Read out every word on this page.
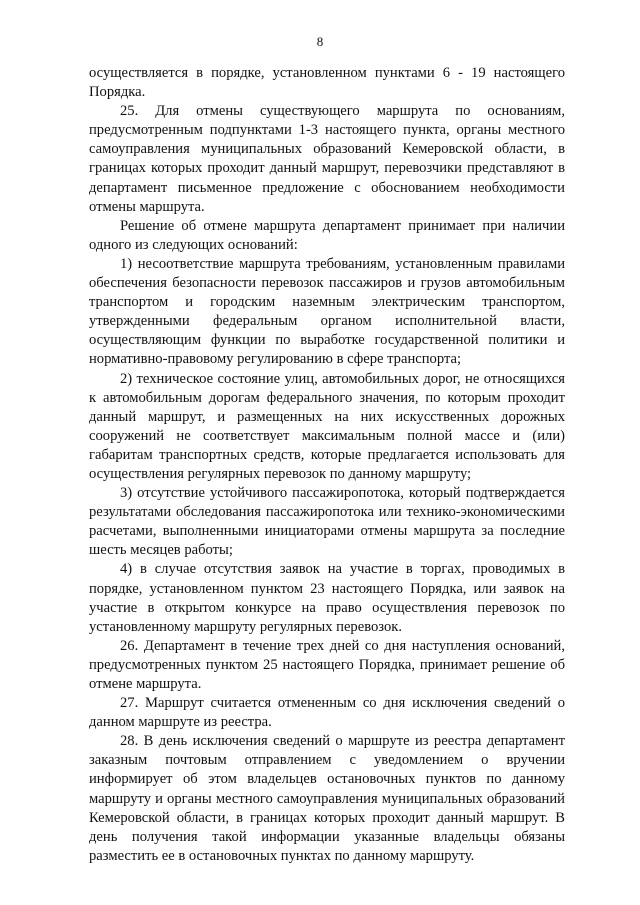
8

осуществляется в порядке, установленном пунктами 6 - 19 настоящего Порядка.

25. Для отмены существующего маршрута по основаниям, предусмотренным подпунктами 1-3 настоящего пункта, органы местного самоуправления муниципальных образований Кемеровской области, в границах которых проходит данный маршрут, перевозчики представляют в департамент письменное предложение с обоснованием необходимости отмены маршрута.

Решение об отмене маршрута департамент принимает при наличии одного из следующих оснований:

1) несоответствие маршрута требованиям, установленным правилами обеспечения безопасности перевозок пассажиров и грузов автомобильным транспортом и городским наземным электрическим транспортом, утвержденными федеральным органом исполнительной власти, осуществляющим функции по выработке государственной политики и нормативно-правовому регулированию в сфере транспорта;

2) техническое состояние улиц, автомобильных дорог, не относящихся к автомобильным дорогам федерального значения, по которым проходит данный маршрут, и размещенных на них искусственных дорожных сооружений не соответствует максимальным полной массе и (или) габаритам транспортных средств, которые предлагается использовать для осуществления регулярных перевозок по данному маршруту;

3) отсутствие устойчивого пассажиропотока, который подтверждается результатами обследования пассажиропотока или технико-экономическими расчетами, выполненными инициаторами отмены маршрута за последние шесть месяцев работы;

4) в случае отсутствия заявок на участие в торгах, проводимых в порядке, установленном пунктом 23 настоящего Порядка, или заявок на участие в открытом конкурсе на право осуществления перевозок по установленному маршруту регулярных перевозок.

26. Департамент в течение трех дней со дня наступления оснований, предусмотренных пунктом 25 настоящего Порядка, принимает решение об отмене маршрута.

27. Маршрут считается отмененным со дня исключения сведений о данном маршруте из реестра.

28. В день исключения сведений о маршруте из реестра департамент заказным почтовым отправлением с уведомлением о вручении информирует об этом владельцев остановочных пунктов по данному маршруту и органы местного самоуправления муниципальных образований Кемеровской области, в границах которых проходит данный маршрут. В день получения такой информации указанные владельцы обязаны разместить ее в остановочных пунктах по данному маршруту.
